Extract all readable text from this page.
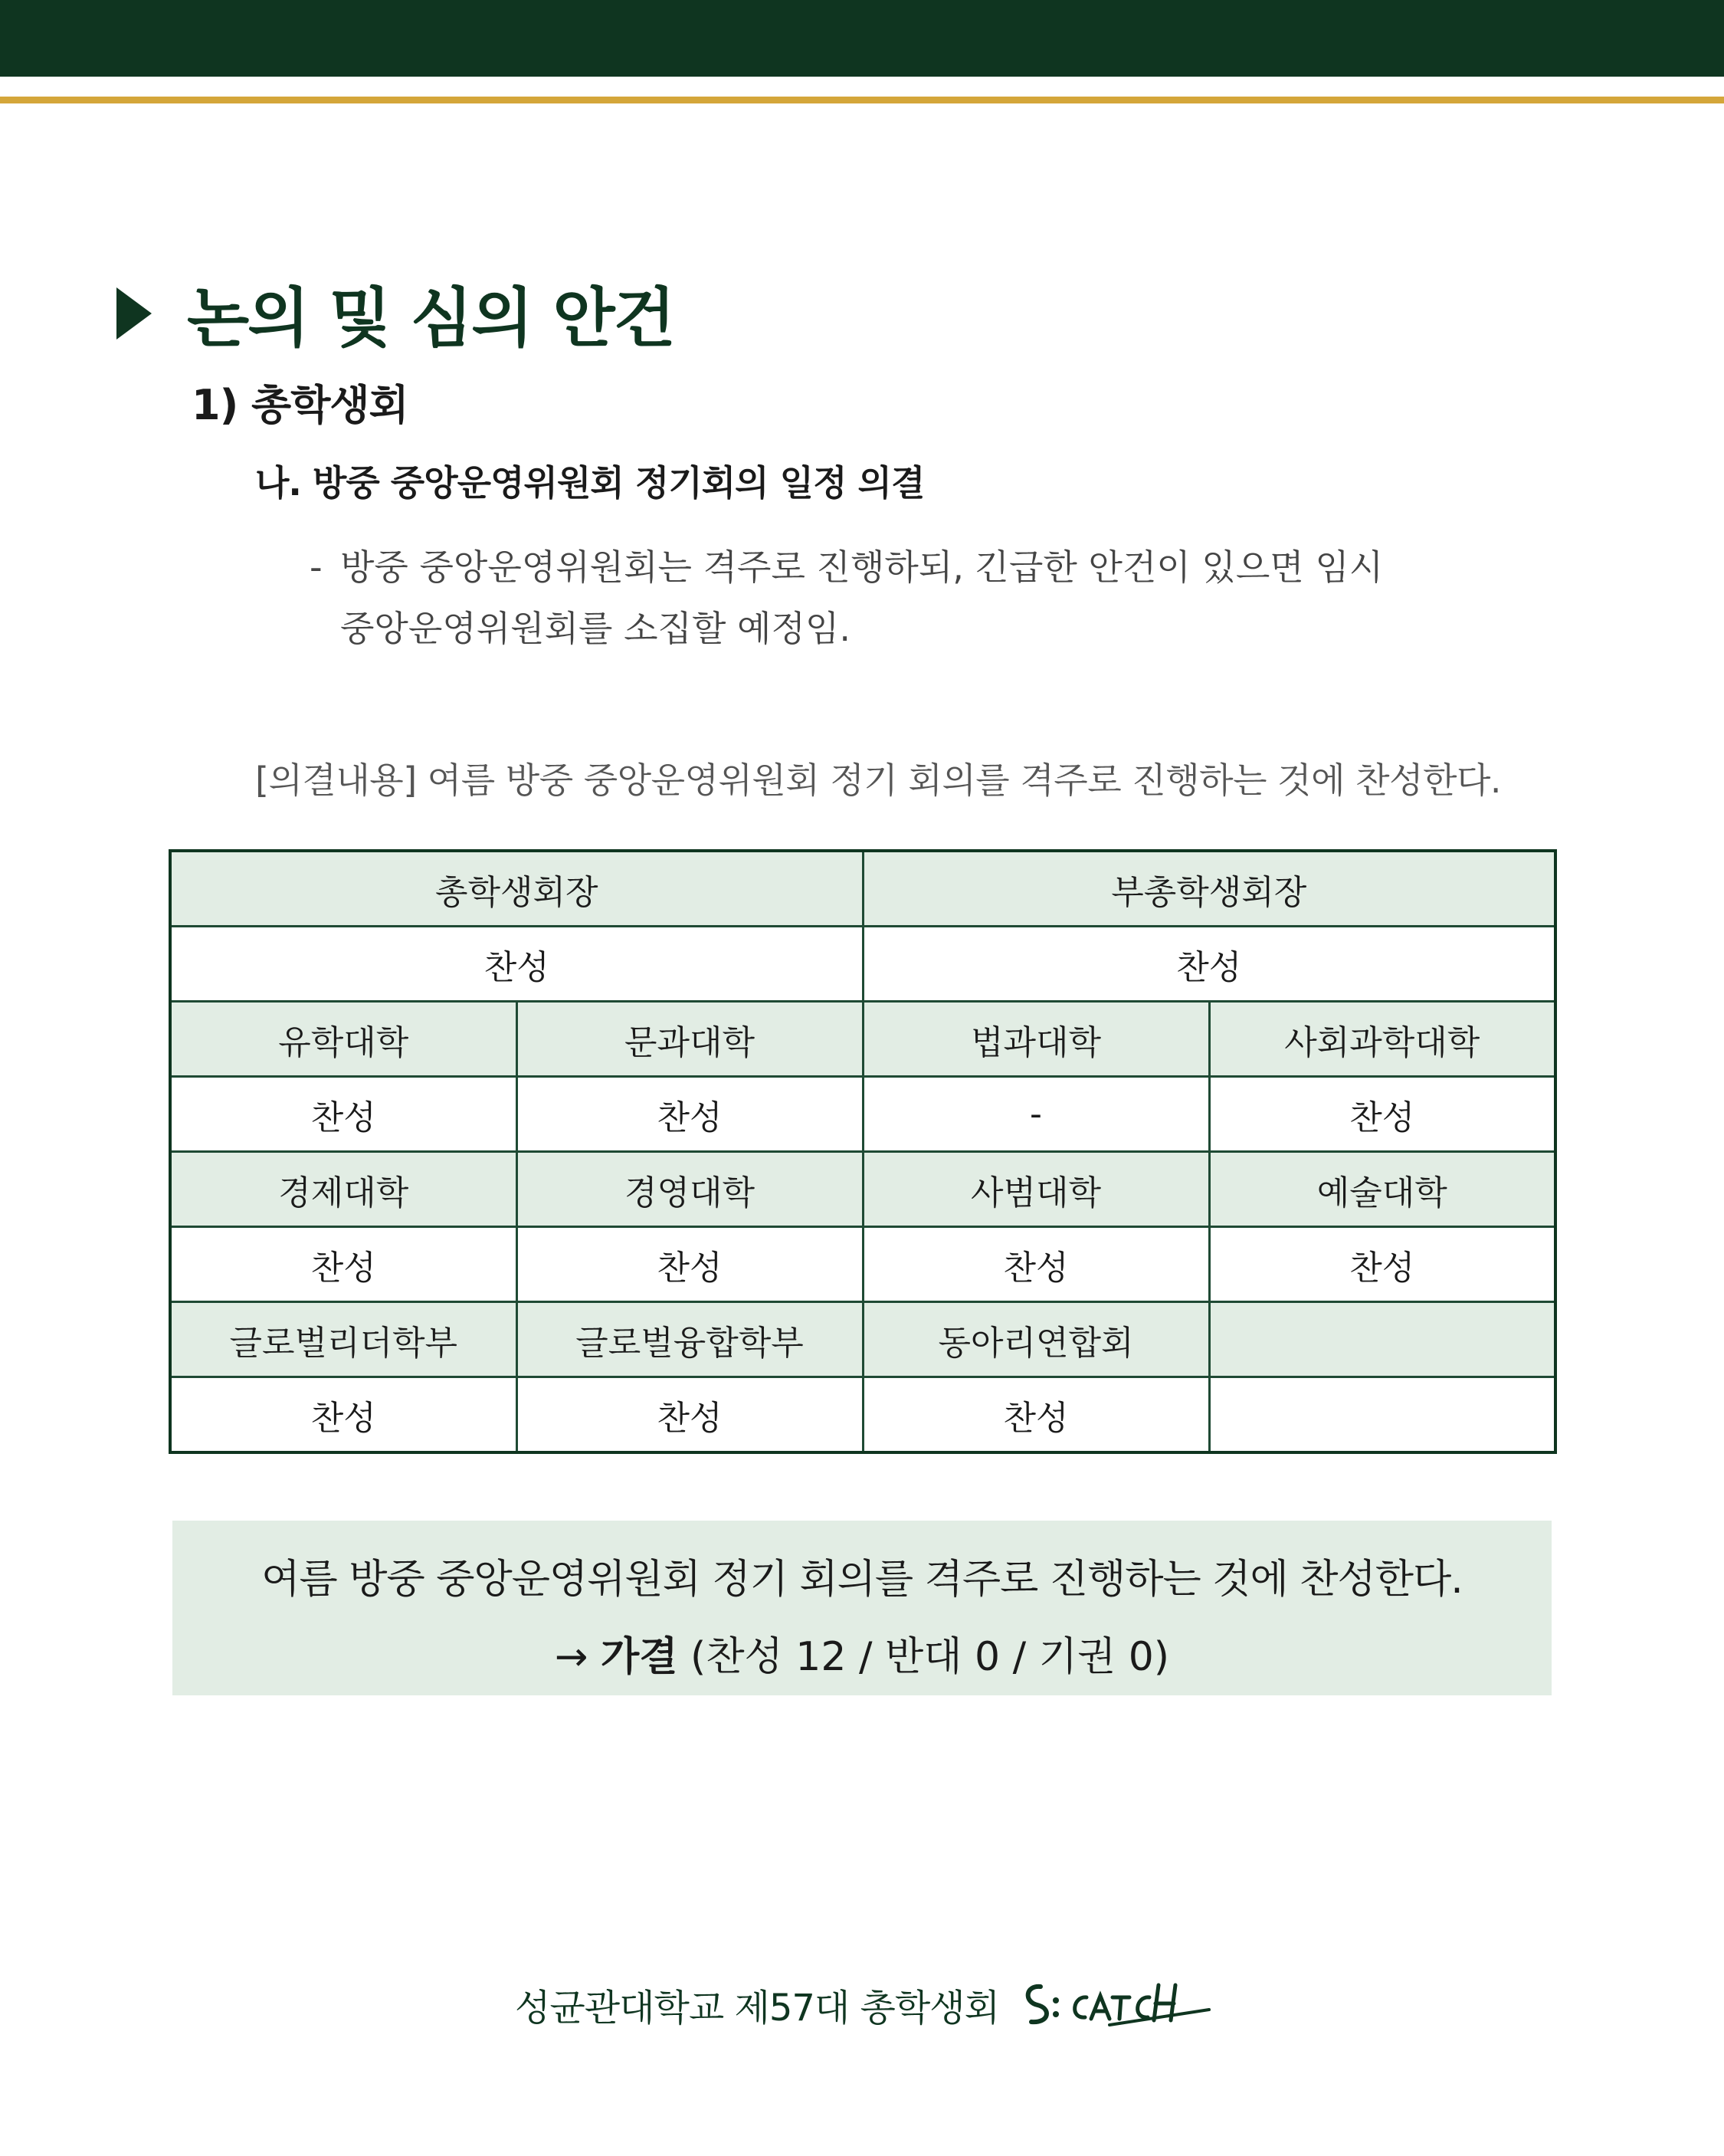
논의 및 심의 안건
1) 총학생회
나. 방중 중앙운영위원회 정기회의 일정 의결
- 방중 중앙운영위원회는 격주로 진행하되, 긴급한 안건이 있으면 임시
중앙운영위원회를 소집할 예정임.
[의결내용] 여름 방중 중앙운영위원회 정기 회의를 격주로 진행하는 것에 찬성한다.
총학생회장		부총학생회장	
찬성		찬성	
유학대학	문과대학	법과대학	사회과학대학
찬성	찬성	-	찬성
경제대학	경영대학	사범대학	예술대학
찬성	찬성	찬성	찬성
글로벌리더학부	글로벌융합학부	동아리연합회	
찬성	찬성	찬성	
여름 방중 중앙운영위원회 정기 회의를 격주로 진행하는 것에 찬성한다.
→ 가결 (찬성 12 / 반대 0 / 기권 0)
성균관대학교 제57대 총학생회
